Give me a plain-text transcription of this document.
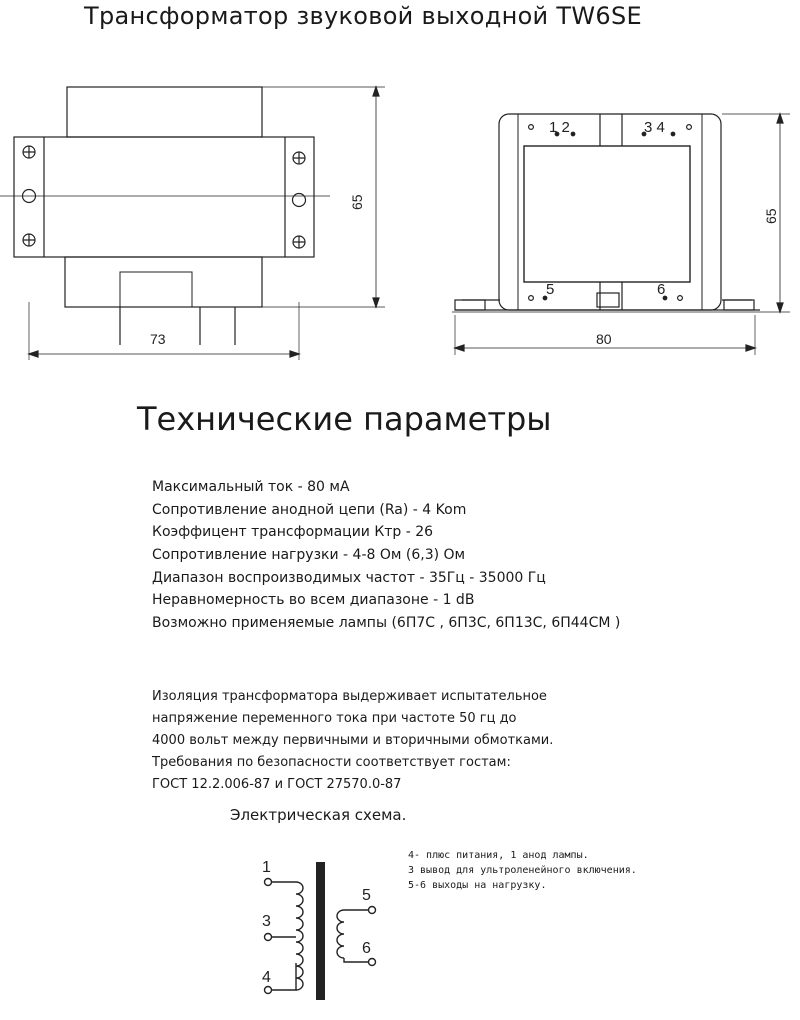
Трансформатор звуковой выходной TW6SE
65
73
1 2	3 4
5	6
65
80
Технические параметры
Максимальный ток - 80 мА
Сопротивление анодной цепи (Ra) - 4 Kom
Коэффицент трансформации Ктр - 26
Сопротивление нагрузки - 4-8 Ом (6,3) Ом
Диапазон воспроизводимых частот - 35Гц - 35000 Гц
Неравномерность во всем диапазоне - 1 dB
Возможно применяемые лампы (6П7С , 6П3С, 6П13С, 6П44СМ )
Изоляция трансформатора выдерживает испытательное
напряжение переменного тока при частоте 50 гц до
4000 вольт между первичными и вторичными обмотками.
Требования по безопасности соответствует гостам:
ГОСТ 12.2.006-87 и ГОСТ 27570.0-87
Электрическая схема.
1
3
4
5
6
4- плюс питания, 1 анод лампы.
3 вывод для ультроленейного включения.
5-6 выходы на нагрузку.
